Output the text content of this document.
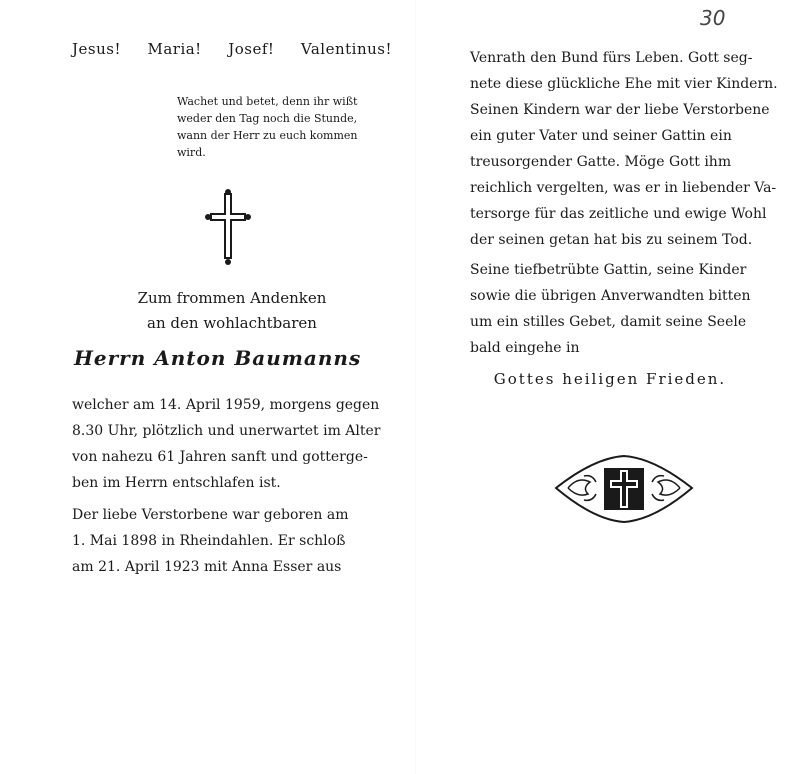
30
Jesus! Maria! Josef! Valentinus!
Wachet und betet, denn ihr wißt
weder den Tag noch die Stunde,
wann der Herr zu euch kommen
wird.
Zum frommen Andenken
an den wohlachtbaren
Herrn Anton Baumanns
welcher am 14. April 1959, morgens gegen
8.30 Uhr, plötzlich und unerwartet im Alter
von nahezu 61 Jahren sanft und gottergе-
ben im Herrn entschlafen ist.
Der liebe Verstorbene war geboren am
1. Mai 1898 in Rheindahlen. Er schloß
am 21. April 1923 mit Anna Esser aus
Venrath den Bund fürs Leben. Gott seg-
nete diese glückliche Ehe mit vier Kindern.
Seinen Kindern war der liebe Verstorbene
ein guter Vater und seiner Gattin ein
treusorgender Gatte. Möge Gott ihm
reichlich vergelten, was er in liebender Va-
tersorge für das zeitliche und ewige Wohl
der seinen getan hat bis zu seinem Tod.
Seine tiefbetrübte Gattin, seine Kinder
sowie die übrigen Anverwandten bitten
um ein stilles Gebet, damit seine Seele
bald eingehe in
Gottes heiligen Frieden.
